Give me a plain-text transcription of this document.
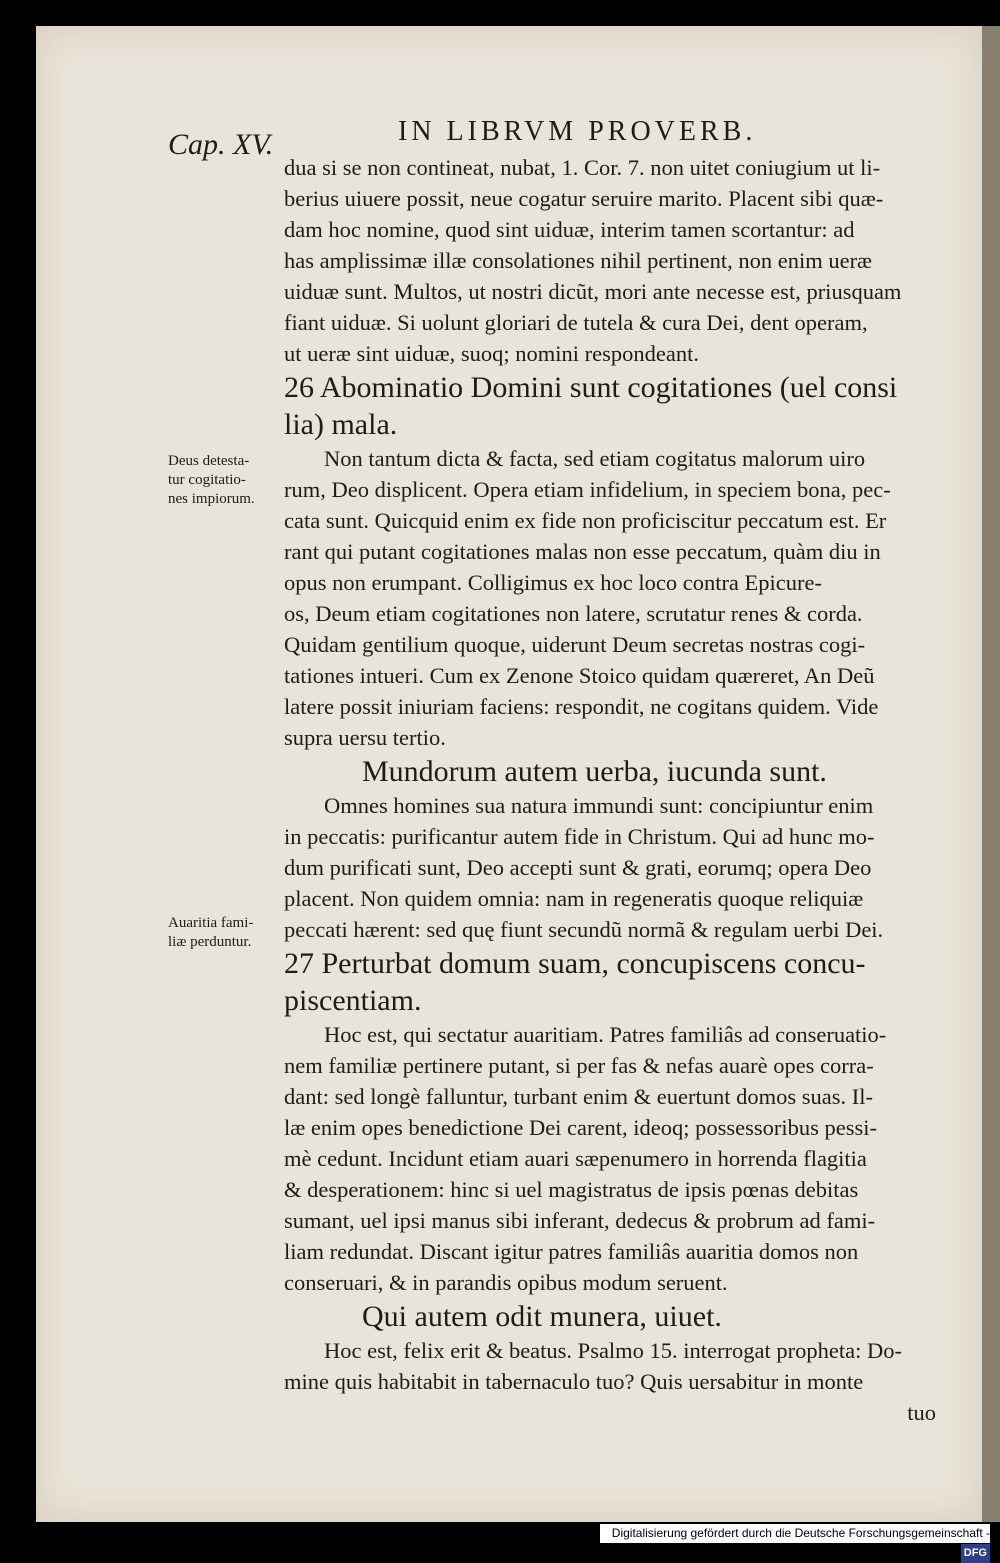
Cap. XV.	IN LIBRVM PROVERB.
dua si se non contineat, nubat, 1. Cor. 7. non uitet coniugium ut li-
berius uiuere possit, neue cogatur seruire marito. Placent sibi quæ-
dam hoc nomine, quod sint uiduæ, interim tamen scortantur: ad
has amplissimæ illæ consolationes nihil pertinent, non enim ueræ
uiduæ sunt. Multos, ut nostri dicũt, mori ante necesse est, priusquam
fiant uiduæ. Si uolunt gloriari de tutela & cura Dei, dent operam,
ut ueræ sint uiduæ, suoq; nomini respondeant.
26 Abominatio Domini sunt cogitationes (uel consi
lia) mala.
Non tantum dicta & facta, sed etiam cogitatus malorum uiro
rum, Deo displicent. Opera etiam infidelium, in speciem bona, pec-
cata sunt. Quicquid enim ex fide non proficiscitur peccatum est. Er
rant qui putant cogitationes malas non esse peccatum, quàm diu in
opus non erumpant. Colligimus ex hoc loco contra Epicure-
os, Deum etiam cogitationes non latere, scrutatur renes & corda.
Quidam gentilium quoque, uiderunt Deum secretas nostras cogi-
tationes intueri. Cum ex Zenone Stoico quidam quæreret, An Deũ
latere possit iniuriam faciens: respondit, ne cogitans quidem. Vide
supra uersu tertio.
Mundorum autem uerba, iucunda sunt.
Omnes homines sua natura immundi sunt: concipiuntur enim
in peccatis: purificantur autem fide in Christum. Qui ad hunc mo-
dum purificati sunt, Deo accepti sunt & grati, eorumq; opera Deo
placent. Non quidem omnia: nam in regeneratis quoque reliquiæ
peccati hærent: sed quę fiunt secundũ normã & regulam uerbi Dei.
27 Perturbat domum suam, concupiscens concu-
piscentiam.
Hoc est, qui sectatur auaritiam. Patres familiâs ad conseruatio-
nem familiæ pertinere putant, si per fas & nefas auarè opes corra-
dant: sed longè falluntur, turbant enim & euertunt domos suas. Il-
læ enim opes benedictione Dei carent, ideoq; possessoribus pessi-
mè cedunt. Incidunt etiam auari sæpenumero in horrenda flagitia
& desperationem: hinc si uel magistratus de ipsis pœnas debitas
sumant, uel ipsi manus sibi inferant, dedecus & probrum ad fami-
liam redundat. Discant igitur patres familiâs auaritia domos non
conseruari, & in parandis opibus modum seruent.
Qui autem odit munera, uiuet.
Hoc est, felix erit & beatus. Psalmo 15. interrogat propheta: Do-
mine quis habitabit in tabernaculo tuo? Quis uersabitur in monte
tuo
Deus detesta-
tur cogitatio-
nes impiorum.
Auaritia fami-
liæ perduntur.
Digitalisierung gefördert durch die Deutsche Forschungsgemeinschaft -DFG
